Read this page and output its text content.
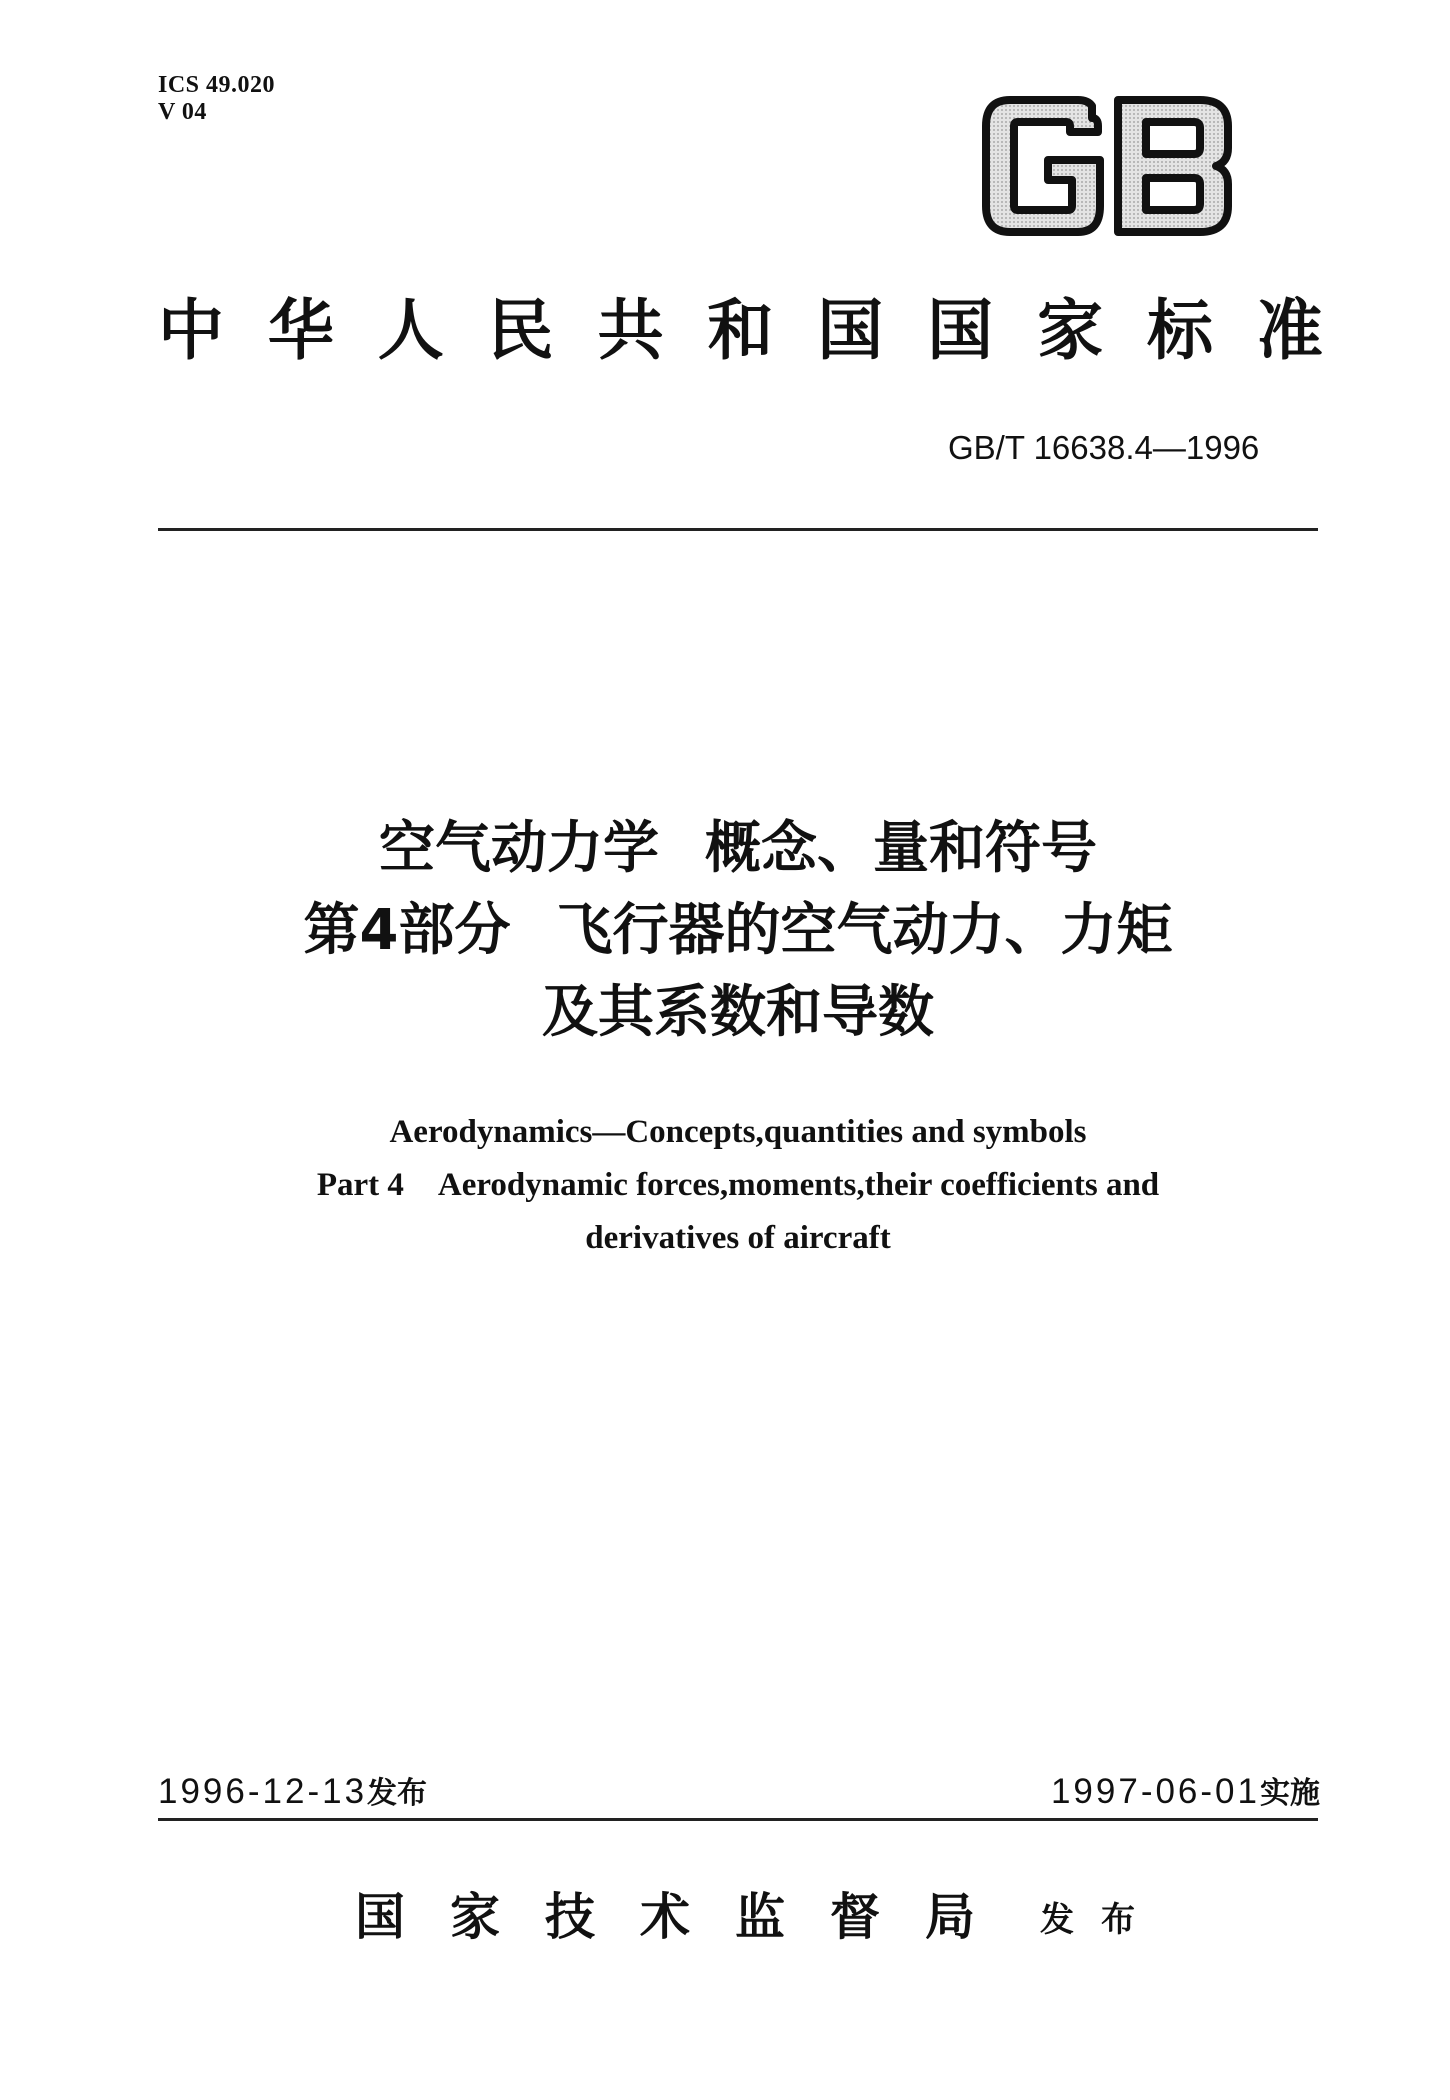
ICS 49.020
V 04
中 华 人 民 共 和 国 国 家 标 准
GB/T 16638.4—1996
空气动力学 概念、量和符号
第4部分 飞行器的空气动力、力矩
及其系数和导数
Aerodynamics—Concepts,quantities and symbols
Part 4 Aerodynamic forces,moments,their coefficients and
derivatives of aircraft
1996-12-13发布	1997-06-01实施
国 家 技 术 监 督 局 发 布
